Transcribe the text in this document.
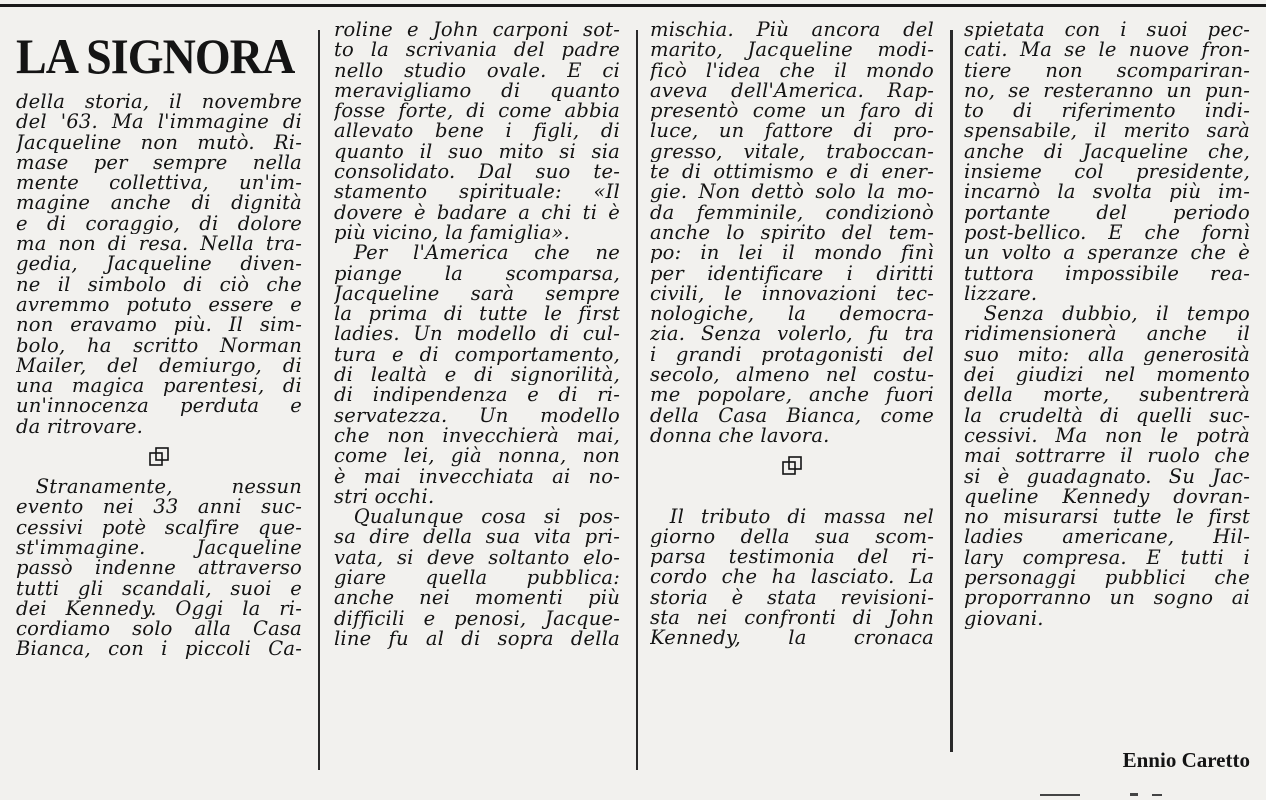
LA SIGNORA
della storia, il novembre
del '63. Ma l'immagine di
Jacqueline non mutò. Ri-
mase per sempre nella
mente collettiva, un'im-
magine anche di dignità
e di coraggio, di dolore
ma non di resa. Nella tra-
gedia, Jacqueline diven-
ne il simbolo di ciò che
avremmo potuto essere e
non eravamo più. Il sim-
bolo, ha scritto Norman
Mailer, del demiurgo, di
una magica parentesi, di
un'innocenza perduta e
da ritrovare.
 Stranamente, nessun
evento nei 33 anni suc-
cessivi potè scalfire que-
st'immagine. Jacqueline
passò indenne attraverso
tutti gli scandali, suoi e
dei Kennedy. Oggi la ri-
cordiamo solo alla Casa
Bianca, con i piccoli Ca-
roline e John carponi sot-
to la scrivania del padre
nello studio ovale. E ci
meravigliamo di quanto
fosse forte, di come abbia
allevato bene i figli, di
quanto il suo mito si sia
consolidato. Dal suo te-
stamento spirituale: «Il
dovere è badare a chi ti è
più vicino, la famiglia».
 Per l'America che ne
piange la scomparsa,
Jacqueline sarà sempre
la prima di tutte le first
ladies. Un modello di cul-
tura e di comportamento,
di lealtà e di signorilità,
di indipendenza e di ri-
servatezza. Un modello
che non invecchierà mai,
come lei, già nonna, non
è mai invecchiata ai no-
stri occhi.
 Qualunque cosa si pos-
sa dire della sua vita pri-
vata, si deve soltanto elo-
giare quella pubblica:
anche nei momenti più
difficili e penosi, Jacque-
line fu al di sopra della
mischia. Più ancora del
marito, Jacqueline modi-
ficò l'idea che il mondo
aveva dell'America. Rap-
presentò come un faro di
luce, un fattore di pro-
gresso, vitale, traboccan-
te di ottimismo e di ener-
gie. Non dettò solo la mo-
da femminile, condizionò
anche lo spirito del tem-
po: in lei il mondo finì
per identificare i diritti
civili, le innovazioni tec-
nologiche, la democra-
zia. Senza volerlo, fu tra
i grandi protagonisti del
secolo, almeno nel costu-
me popolare, anche fuori
della Casa Bianca, come
donna che lavora.
 Il tributo di massa nel
giorno della sua scom-
parsa testimonia del ri-
cordo che ha lasciato. La
storia è stata revisioni-
sta nei confronti di John
Kennedy, la cronaca
spietata con i suoi pec-
cati. Ma se le nuove fron-
tiere non scompariran-
no, se resteranno un pun-
to di riferimento indi-
spensabile, il merito sarà
anche di Jacqueline che,
insieme col presidente,
incarnò la svolta più im-
portante del periodo
post-bellico. E che fornì
un volto a speranze che è
tuttora impossibile rea-
lizzare.
 Senza dubbio, il tempo
ridimensionerà anche il
suo mito: alla generosità
dei giudizi nel momento
della morte, subentrerà
la crudeltà di quelli suc-
cessivi. Ma non le potrà
mai sottrarre il ruolo che
si è guadagnato. Su Jac-
queline Kennedy dovran-
no misurarsi tutte le first
ladies americane, Hil-
lary compresa. E tutti i
personaggi pubblici che
proporranno un sogno ai
giovani.
Ennio Caretto
